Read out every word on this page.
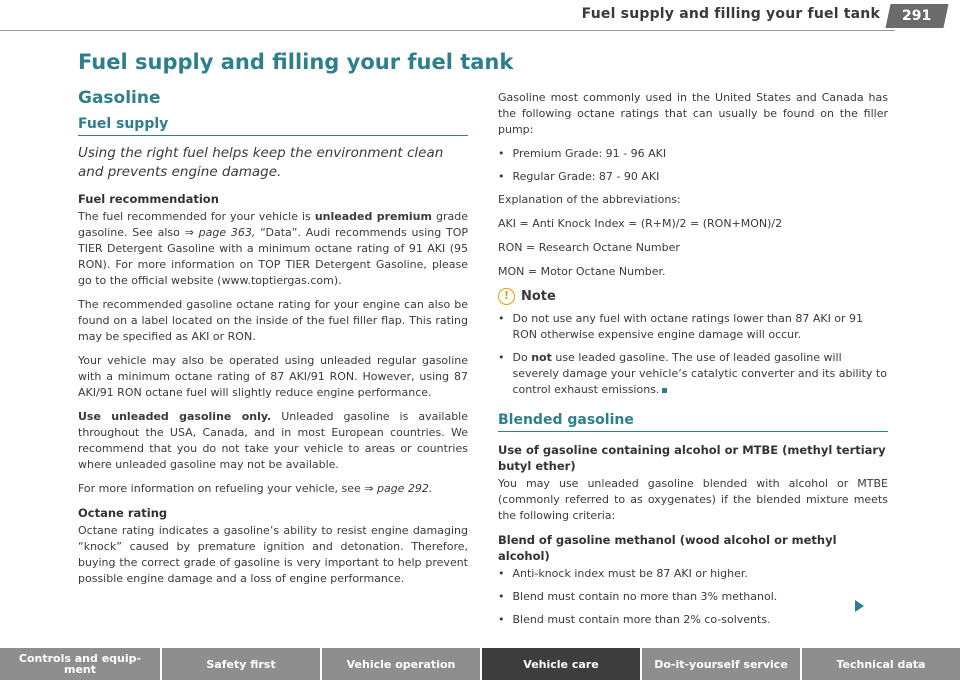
Fuel supply and filling your fuel tank	291
Fuel supply and filling your fuel tank
Gasoline
Fuel supply
Using the right fuel helps keep the environment clean and prevents engine damage.
Fuel recommendation

The fuel recommended for your vehicle is unleaded premium grade gasoline. See also ⇒ page 363, “Data”. Audi recommends using TOP TIER Detergent Gasoline with a minimum octane rating of 91 AKI (95 RON). For more information on TOP TIER Detergent Gasoline, please go to the official website (www.toptiergas.com).

The recommended gasoline octane rating for your engine can also be found on a label located on the inside of the fuel filler flap. This rating may be specified as AKI or RON.

Your vehicle may also be operated using unleaded regular gasoline with a minimum octane rating of 87 AKI/91 RON. However, using 87 AKI/91 RON octane fuel will slightly reduce engine performance.

Use unleaded gasoline only. Unleaded gasoline is available throughout the USA, Canada, and in most European countries. We recommend that you do not take your vehicle to areas or countries where unleaded gasoline may not be available.

For more information on refueling your vehicle, see ⇒ page 292.

Octane rating

Octane rating indicates a gasoline’s ability to resist engine damaging “knock” caused by premature ignition and detonation. Therefore, buying the correct grade of gasoline is very important to help prevent possible engine damage and a loss of engine performance.

Gasoline most commonly used in the United States and Canada has the following octane ratings that can usually be found on the filler pump:

• Premium Grade: 91 - 96 AKI
• Regular Grade: 87 - 90 AKI

Explanation of the abbreviations:

AKI = Anti Knock Index = (R+M)/2 = (RON+MON)/2

RON = Research Octane Number

MON = Motor Octane Number.

! Note
• Do not use any fuel with octane ratings lower than 87 AKI or 91 RON otherwise expensive engine damage will occur.
• Do not use leaded gasoline. The use of leaded gasoline will severely damage your vehicle’s catalytic converter and its ability to control exhaust emissions.
Blended gasoline
Use of gasoline containing alcohol or MTBE (methyl tertiary butyl ether)

You may use unleaded gasoline blended with alcohol or MTBE (commonly referred to as oxygenates) if the blended mixture meets the following criteria:

Blend of gasoline methanol (wood alcohol or methyl alcohol)
• Anti-knock index must be 87 AKI or higher.
• Blend must contain no more than 3% methanol.
• Blend must contain more than 2% co-solvents.
Controls and equip-
ment	Safety first	Vehicle operation	Vehicle care	Do-it-yourself service	Technical data
